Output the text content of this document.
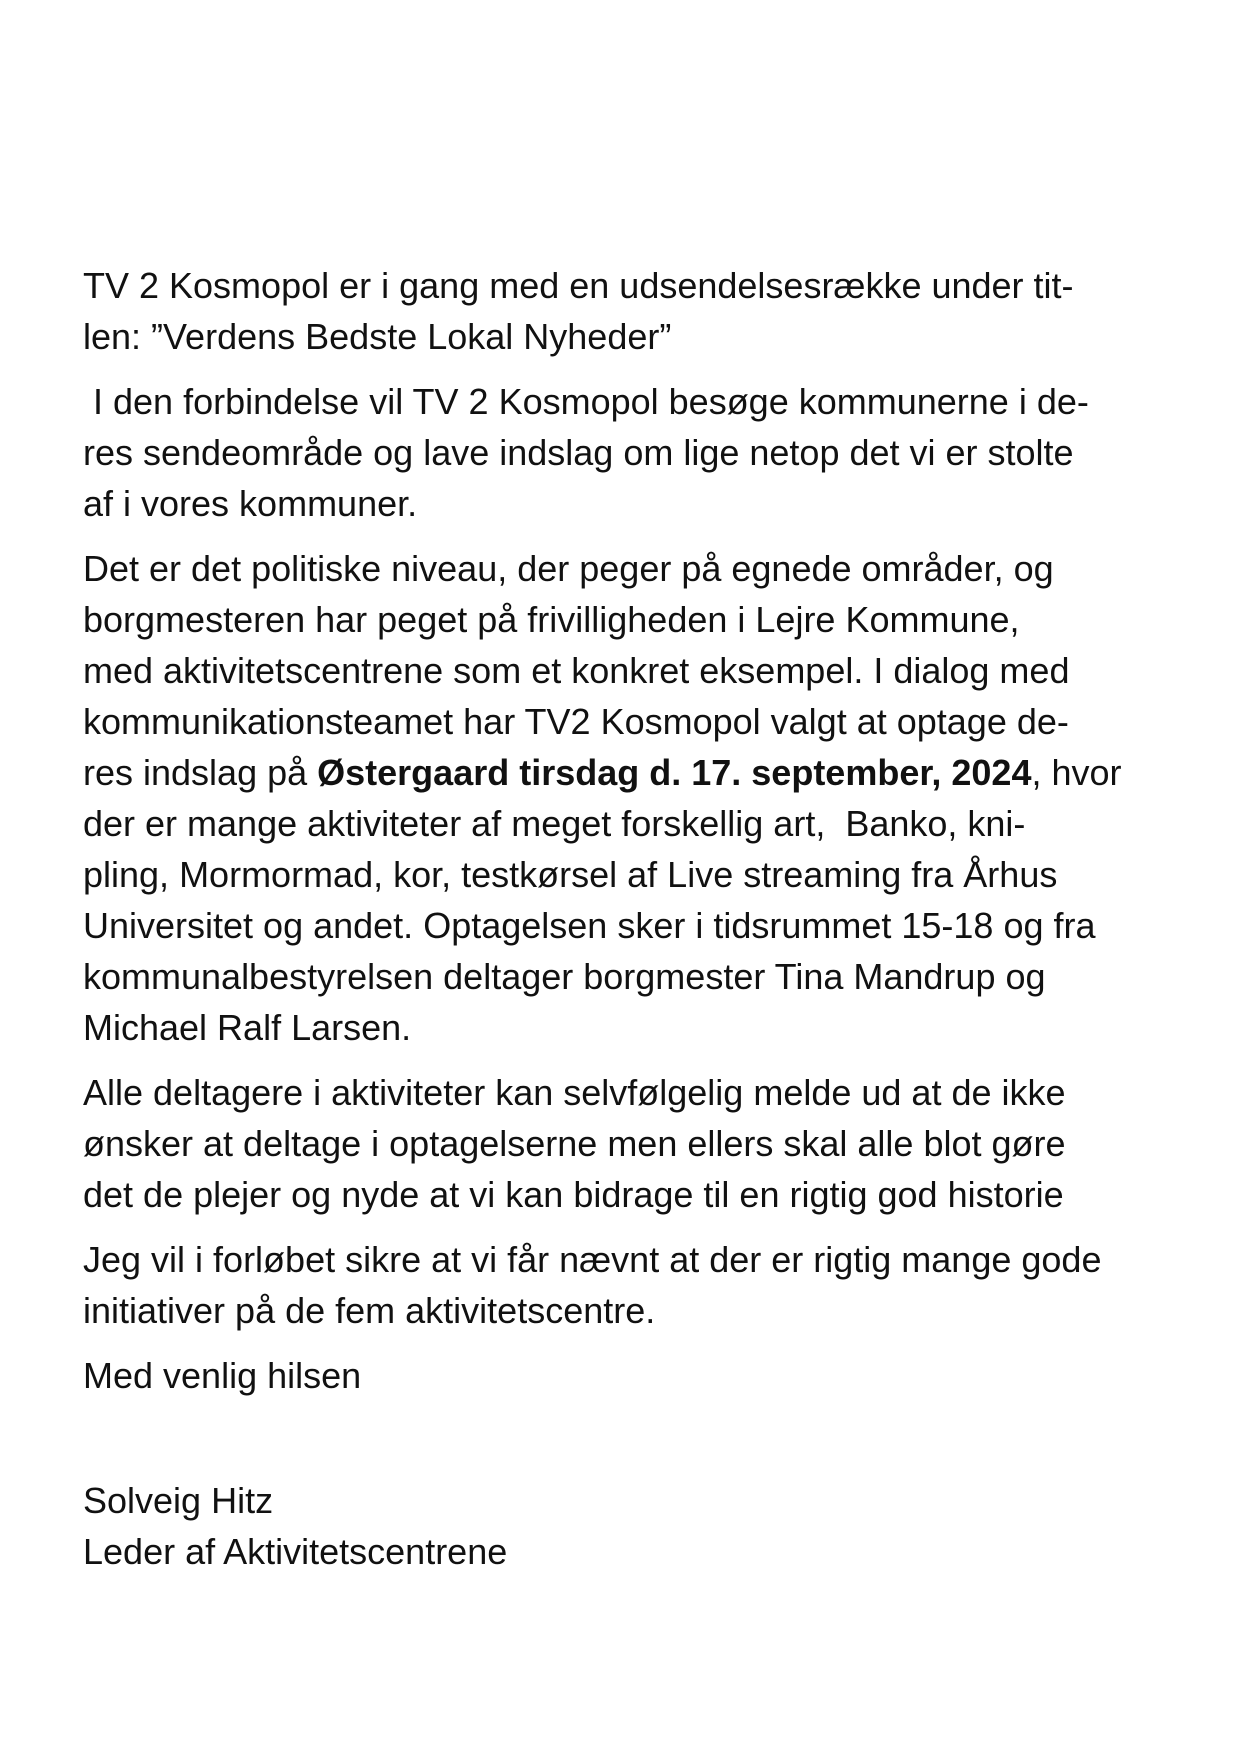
TV 2 Kosmopol er i gang med en udsendelsesrække under tit-
len: ”Verdens Bedste Lokal Nyheder”

I den forbindelse vil TV 2 Kosmopol besøge kommunerne i de-
res sendeområde og lave indslag om lige netop det vi er stolte
af i vores kommuner.

Det er det politiske niveau, der peger på egnede områder, og
borgmesteren har peget på frivilligheden i Lejre Kommune,
med aktivitetscentrene som et konkret eksempel. I dialog med
kommunikationsteamet har TV2 Kosmopol valgt at optage de-
res indslag på Østergaard tirsdag d. 17. september, 2024, hvor
der er mange aktiviteter af meget forskellig art,  Banko, kni-
pling, Mormormad, kor, testkørsel af Live streaming fra Århus
Universitet og andet. Optagelsen sker i tidsrummet 15-18 og fra
kommunalbestyrelsen deltager borgmester Tina Mandrup og
Michael Ralf Larsen.

Alle deltagere i aktiviteter kan selvfølgelig melde ud at de ikke
ønsker at deltage i optagelserne men ellers skal alle blot gøre
det de plejer og nyde at vi kan bidrage til en rigtig god historie

Jeg vil i forløbet sikre at vi får nævnt at der er rigtig mange gode
initiativer på de fem aktivitetscentre.

Med venlig hilsen

Solveig Hitz
Leder af Aktivitetscentrene
